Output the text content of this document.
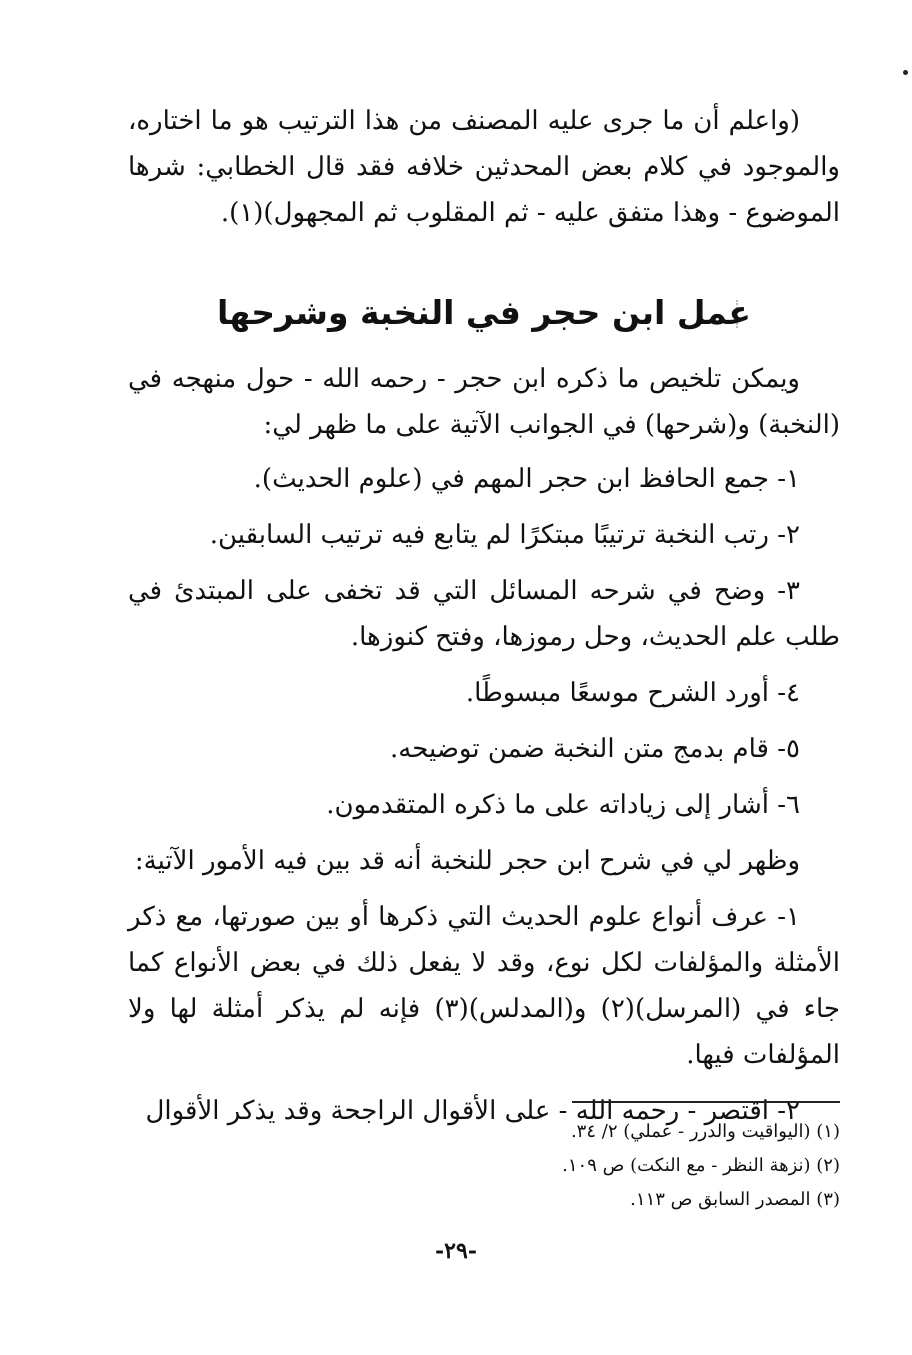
(واعلم أن ما جرى عليه المصنف من هذا الترتيب هو ما اختاره، والموجود في كلام بعض المحدثين خلافه فقد قال الخطابي: شرها الموضوع - وهذا متفق عليه - ثم المقلوب ثم المجهول)(١).

عمل ابن حجر في النخبة وشرحها

ويمكن تلخيص ما ذكره ابن حجر - رحمه الله - حول منهجه في (النخبة) و(شرحها) في الجوانب الآتية على ما ظهر لي:

١- جمع الحافظ ابن حجر المهم في (علوم الحديث).

٢- رتب النخبة ترتيبًا مبتكرًا لم يتابع فيه ترتيب السابقين.

٣- وضح في شرحه المسائل التي قد تخفى على المبتدئ في طلب علم الحديث، وحل رموزها، وفتح كنوزها.

٤- أورد الشرح موسعًا مبسوطًا.

٥- قام بدمج متن النخبة ضمن توضيحه.

٦- أشار إلى زياداته على ما ذكره المتقدمون.

وظهر لي في شرح ابن حجر للنخبة أنه قد بين فيه الأمور الآتية:

١- عرف أنواع علوم الحديث التي ذكرها أو بين صورتها، مع ذكر الأمثلة والمؤلفات لكل نوع، وقد لا يفعل ذلك في بعض الأنواع كما جاء في (المرسل)(٢) و(المدلس)(٣) فإنه لم يذكر أمثلة لها ولا المؤلفات فيها.

٢- اقتصر - رحمه الله - على الأقوال الراجحة وقد يذكر الأقوال

(١) (اليواقيت والدرر - عملي) ٢/ ٣٤.

(٢) (نزهة النظر - مع النكت) ص ١٠٩.

(٣) المصدر السابق ص ١١٣.

-٢٩-
